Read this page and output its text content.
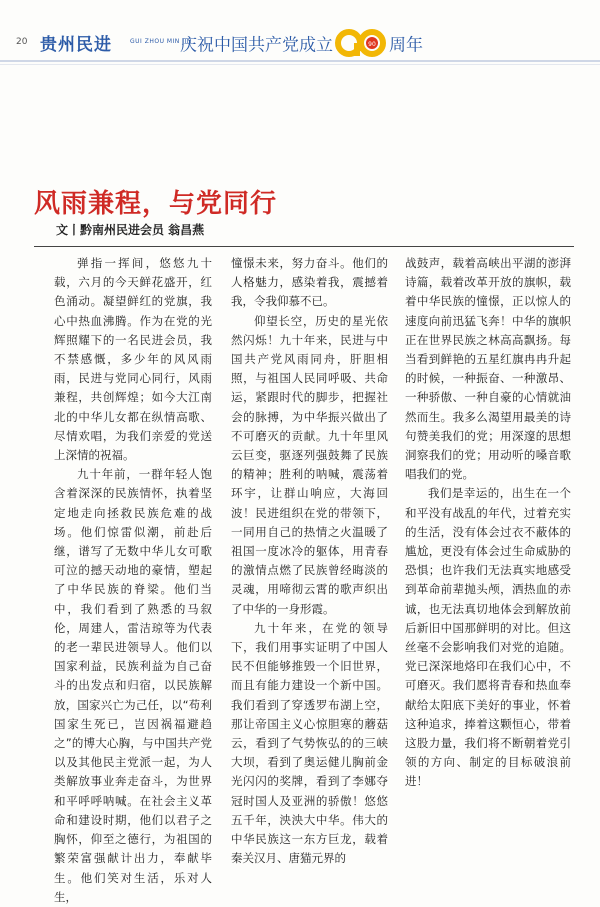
20 贵州民进	GUI ZHOU MIN JIN
庆祝中国共产党成立	90 周年
风雨兼程，与党同行
文丨黔南州民进会员 翁昌燕

弹指一挥间，悠悠九十载，六月的今天鲜花盛开，红色涌动。凝望鲜红的党旗，我心中热血沸腾。作为在党的光辉照耀下的一名民进会员，我不禁感慨，多少年的风风雨雨，民进与党同心同行，风雨兼程，共创辉煌；如今大江南北的中华儿女都在纵情高歌、尽情欢唱，为我们亲爱的党送上深情的祝福。

九十年前，一群年轻人饱含着深深的民族情怀，执着坚定地走向拯救民族危难的战场。他们惊雷似潮，前赴后继，谱写了无数中华儿女可歌可泣的撼天动地的豪情，塑起了中华民族的脊梁。他们当中，我们看到了熟悉的马叙伦，周建人，雷洁琼等为代表的老一辈民进领导人。他们以国家利益，民族利益为自己奋斗的出发点和归宿，以民族解放，国家兴亡为己任，以“苟利国家生死已，岂因祸福避趋之”的博大心胸，与中国共产党以及其他民主党派一起，为人类解放事业奔走奋斗，为世界和平呼呼呐喊。在社会主义革命和建设时期，他们以君子之胸怀，仰至之德行，为祖国的繁荣富强献计出力，奉献毕生。他们笑对生活，乐对人生，

憧憬未来，努力奋斗。他们的人格魅力，感染着我，震撼着我，令我仰慕不已。

仰望长空，历史的星光依然闪烁！九十年来，民进与中国共产党风雨同舟，肝胆相照，与祖国人民同呼吸、共命运，紧跟时代的脚步，把握社会的脉搏，为中华振兴做出了不可磨灭的贡献。九十年里风云巨变，驱逐列强鼓舞了民族的精神；胜利的呐喊，震荡着环宇，让群山响应，大海回波！民进组织在党的带领下，一同用自己的热情之火温暖了祖国一度冰冷的躯体，用青春的激情点燃了民族曾经晦淡的灵魂，用啼彻云霄的歌声织出了中华的一身形霞。

九十年来，在党的领导下，我们用事实证明了中国人民不但能够推毁一个旧世界，而且有能力建设一个新中国。我们看到了穿透罗布湖上空，那让帝国主义心惊胆寒的蘑菇云，看到了气势恢弘的的三峡大坝，看到了奥运健儿胸前金光闪闪的奖牌，看到了李娜夺冠时国人及亚洲的骄傲！悠悠五千年，泱泱大中华。伟大的中华民族这一东方巨龙，载着秦关汉月、唐猫元界的

战鼓声，载着高峡出平湖的澎湃诗篇，载着改革开放的旗帜，载着中华民族的憧憬，正以惊人的速度向前迅猛飞奔！中华的旗帜正在世界民族之林高高飘扬。每当看到鲜艳的五星红旗冉冉升起的时候，一种振奋、一种激昂、一种骄傲、一种自豪的心情就油然而生。我多么渴望用最美的诗句赞美我们的党；用深邃的思想洞察我们的党；用动听的嗓音歌唱我们的党。

我们是幸运的，出生在一个和平没有战乱的年代，过着充实的生活，没有体会过衣不蔽体的尴尬，更没有体会过生命威胁的恐惧；也许我们无法真实地感受到革命前辈抛头颅，洒热血的赤诚，也无法真切地体会到解放前后新旧中国那鲜明的对比。但这丝毫不会影响我们对党的追随。党已深深地烙印在我们心中，不可磨灭。我们愿将青春和热血奉献给太阳底下美好的事业，怀着这种追求，捧着这颗恒心，带着这股力量，我们将不断朝着党引领的方向、制定的目标破浪前进！
